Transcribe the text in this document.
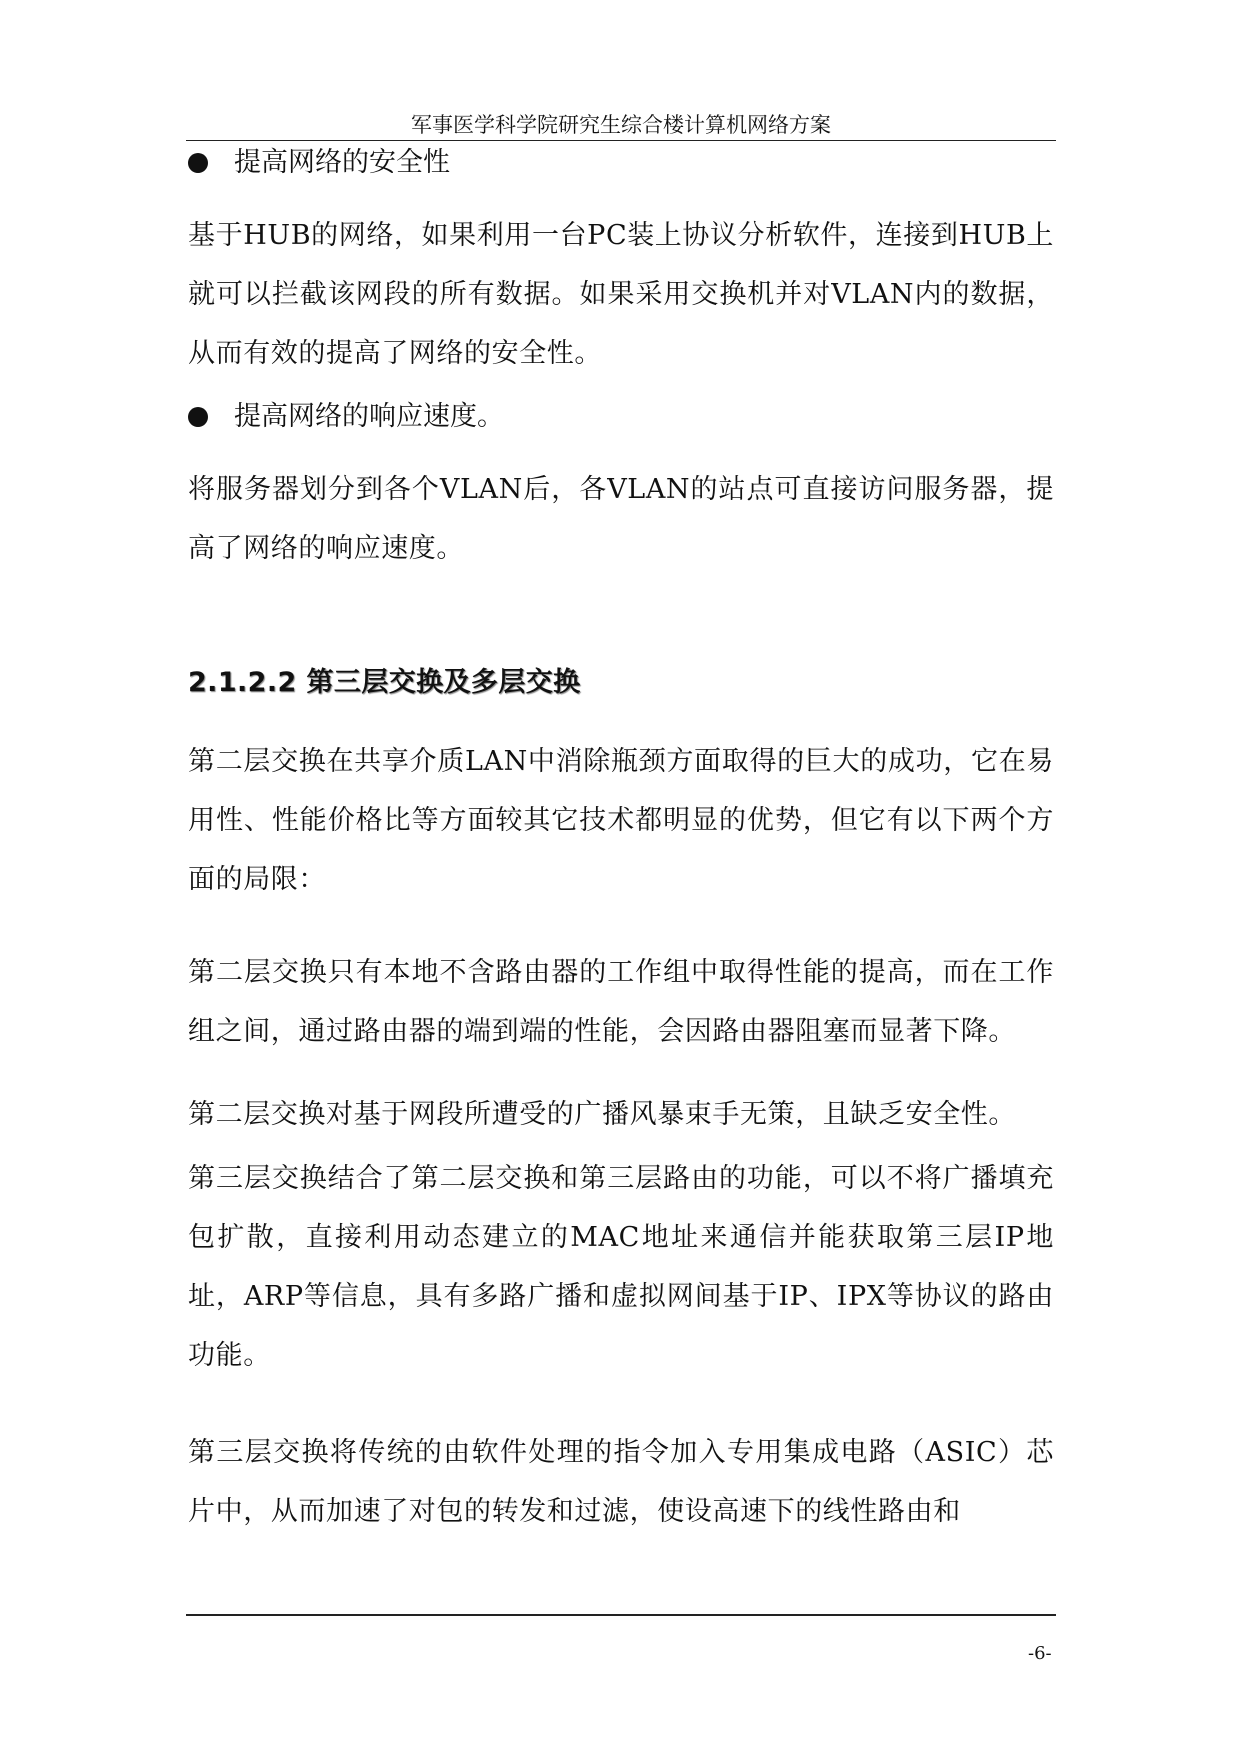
军事医学科学院研究生综合楼计算机网络方案
提高网络的安全性
基于HUB的网络，如果利用一台PC装上协议分析软件，连接到HUB上就可以拦截该网段的所有数据。如果采用交换机并对VLAN内的数据，从而有效的提高了网络的安全性。
提高网络的响应速度。
将服务器划分到各个VLAN后，各VLAN的站点可直接访问服务器，提高了网络的响应速度。
2.1.2.2 第三层交换及多层交换
第二层交换在共享介质LAN中消除瓶颈方面取得的巨大的成功，它在易用性、性能价格比等方面较其它技术都明显的优势，但它有以下两个方面的局限：
第二层交换只有本地不含路由器的工作组中取得性能的提高，而在工作组之间，通过路由器的端到端的性能，会因路由器阻塞而显著下降。
第二层交换对基于网段所遭受的广播风暴束手无策，且缺乏安全性。
第三层交换结合了第二层交换和第三层路由的功能，可以不将广播填充包扩散，直接利用动态建立的MAC地址来通信并能获取第三层IP地址，ARP等信息，具有多路广播和虚拟网间基于IP、IPX等协议的路由功能。
第三层交换将传统的由软件处理的指令加入专用集成电路（ASIC）芯片中，从而加速了对包的转发和过滤，使设高速下的线性路由和
-6-
